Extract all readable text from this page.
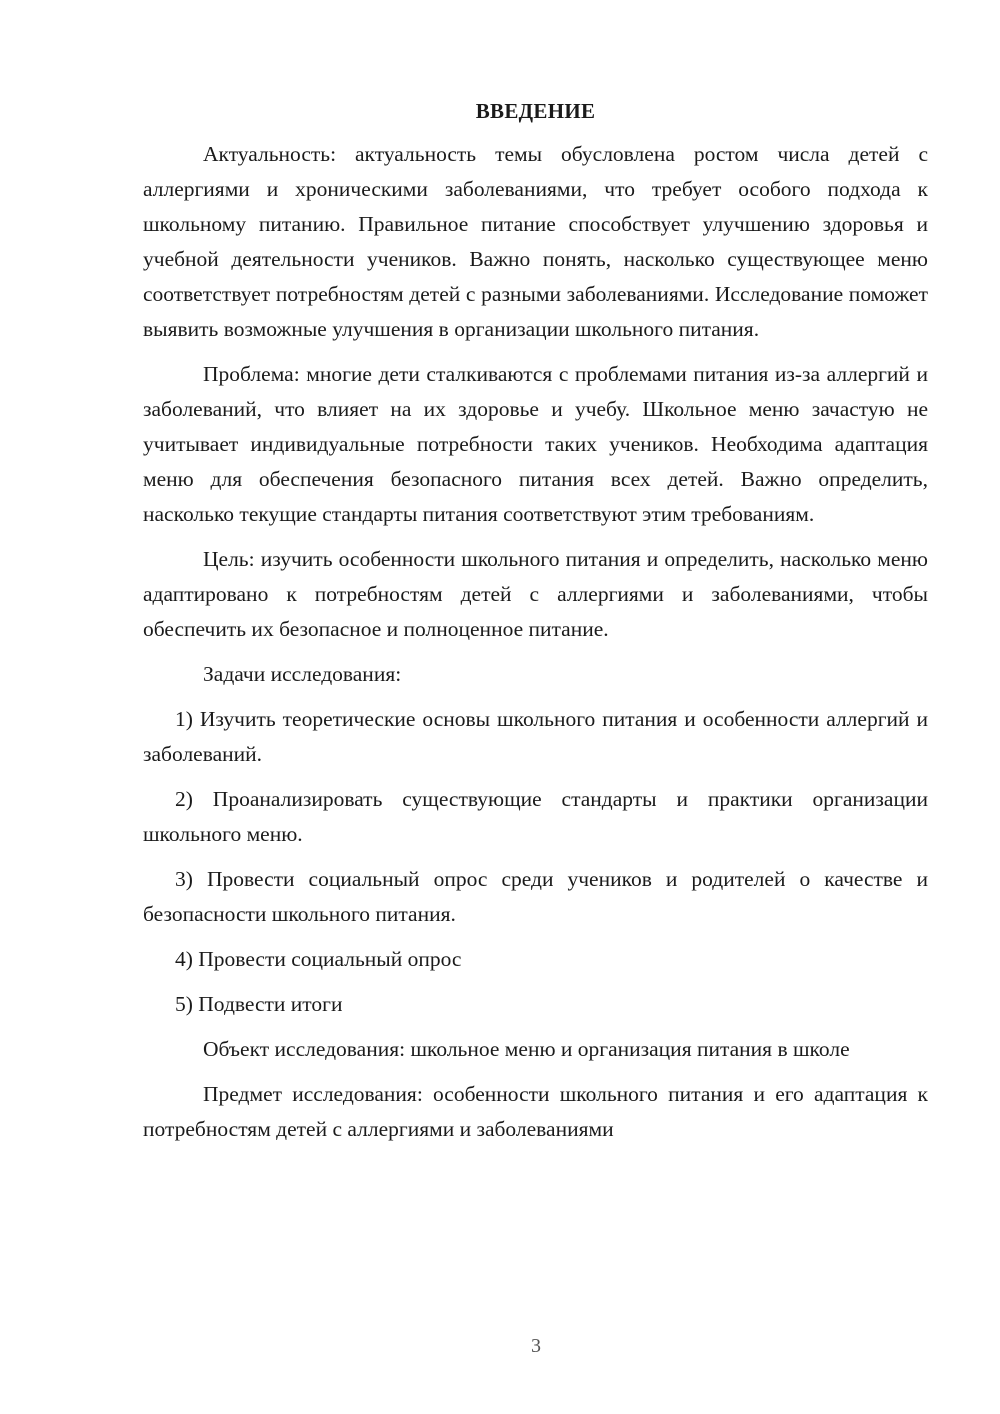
ВВЕДЕНИЕ

Актуальность: актуальность темы обусловлена ростом числа детей с аллергиями и хроническими заболеваниями, что требует особого подхода к школьному питанию. Правильное питание способствует улучшению здоровья и учебной деятельности учеников. Важно понять, насколько существующее меню соответствует потребностям детей с разными заболеваниями. Исследование поможет выявить возможные улучшения в организации школьного питания.

Проблема: многие дети сталкиваются с проблемами питания из-за аллергий и заболеваний, что влияет на их здоровье и учебу. Школьное меню зачастую не учитывает индивидуальные потребности таких учеников. Необходима адаптация меню для обеспечения безопасного питания всех детей. Важно определить, насколько текущие стандарты питания соответствуют этим требованиям.

Цель: изучить особенности школьного питания и определить, насколько меню адаптировано к потребностям детей с аллергиями и заболеваниями, чтобы обеспечить их безопасное и полноценное питание.

Задачи исследования:

1) Изучить теоретические основы школьного питания и особенности аллергий и заболеваний.

2) Проанализировать существующие стандарты и практики организации школьного меню.

3) Провести социальный опрос среди учеников и родителей о качестве и безопасности школьного питания.

4) Провести социальный опрос

5) Подвести итоги

Объект исследования: школьное меню и организация питания в школе

Предмет исследования: особенности школьного питания и его адаптация к потребностям детей с аллергиями и заболеваниями

3
